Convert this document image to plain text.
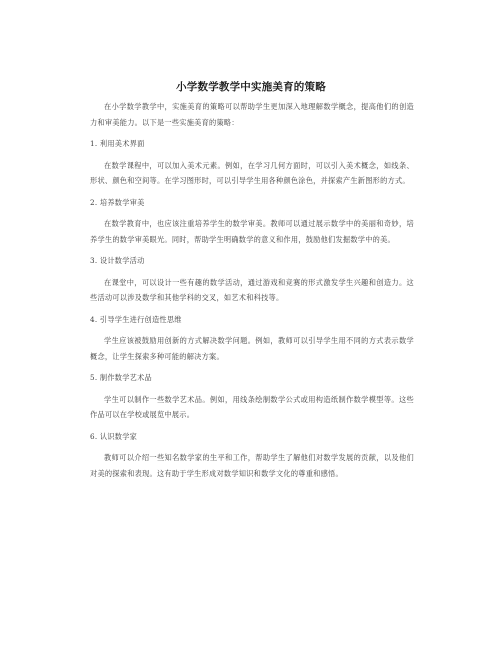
小学数学教学中实施美育的策略

在小学数学教学中，实施美育的策略可以帮助学生更加深入地理解数学概念，提高他们的创造力和审美能力。以下是一些实施美育的策略：

1. 利用美术界面

在数学课程中，可以加入美术元素。例如，在学习几何方面时，可以引入美术概念，如线条、形状、颜色和空间等。在学习图形时，可以引导学生用各种颜色涂色，并探索产生新图形的方式。

2. 培养数学审美

在数学教育中，也应该注重培养学生的数学审美。教师可以通过展示数学中的美丽和奇妙，培养学生的数学审美眼光。同时，帮助学生明确数学的意义和作用，鼓励他们发掘数学中的美。

3. 设计数学活动

在课堂中，可以设计一些有趣的数学活动，通过游戏和竞赛的形式激发学生兴趣和创造力。这些活动可以涉及数学和其他学科的交叉，如艺术和科技等。

4. 引导学生进行创造性思维

学生应该被鼓励用创新的方式解决数学问题。例如，教师可以引导学生用不同的方式表示数学概念，让学生探索多种可能的解决方案。

5. 制作数学艺术品

学生可以制作一些数学艺术品。例如，用线条绘制数学公式或用构造纸制作数学模型等。这些作品可以在学校或展览中展示。

6. 认识数学家

教师可以介绍一些知名数学家的生平和工作，帮助学生了解他们对数学发展的贡献，以及他们对美的探索和表现。这有助于学生形成对数学知识和数学文化的尊重和感悟。
